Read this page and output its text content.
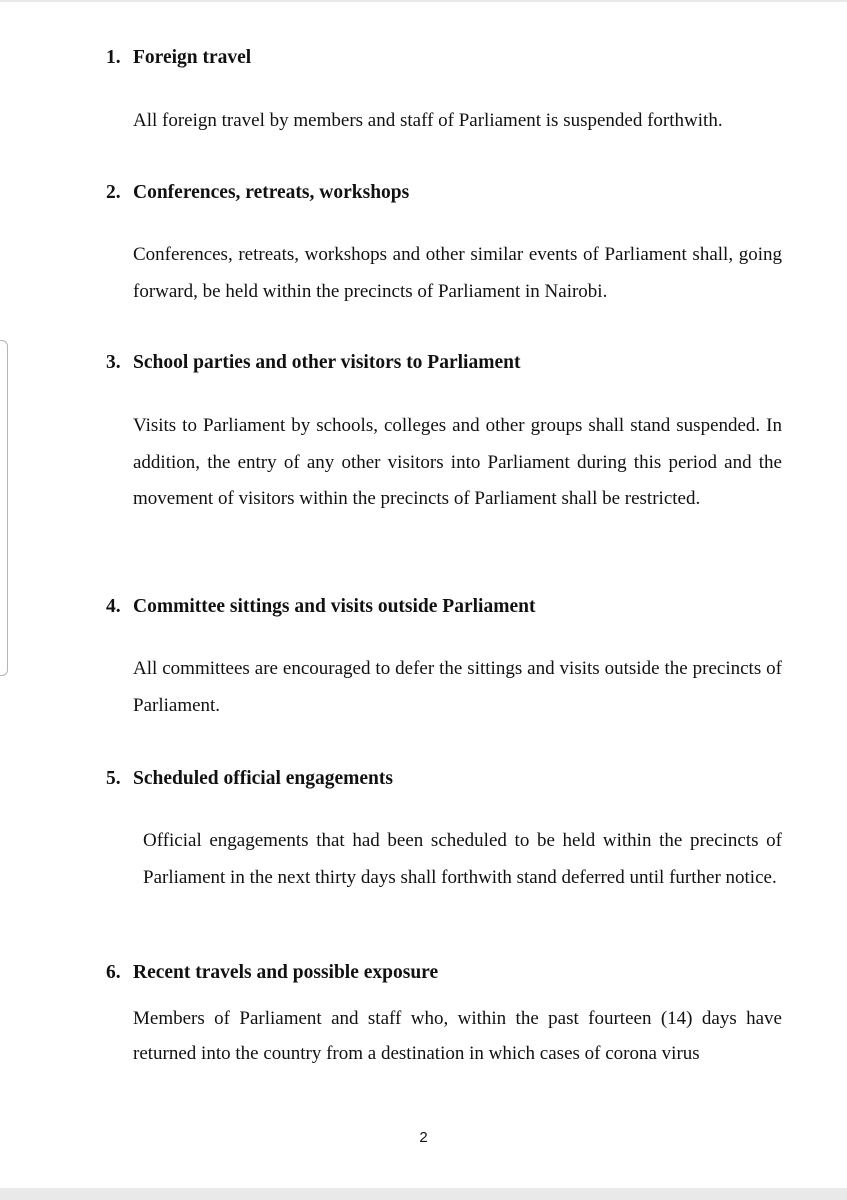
1. Foreign travel
All foreign travel by members and staff of Parliament is suspended forthwith.
2. Conferences, retreats, workshops
Conferences, retreats, workshops and other similar events of Parliament shall, going forward, be held within the precincts of Parliament in Nairobi.
3. School parties and other visitors to Parliament
Visits to Parliament by schools, colleges and other groups shall stand suspended. In addition, the entry of any other visitors into Parliament during this period and the movement of visitors within the precincts of Parliament shall be restricted.
4. Committee sittings and visits outside Parliament
All committees are encouraged to defer the sittings and visits outside the precincts of Parliament.
5. Scheduled official engagements
Official engagements that had been scheduled to be held within the precincts of Parliament in the next thirty days shall forthwith stand deferred until further notice.
6. Recent travels and possible exposure
Members of Parliament and staff who, within the past fourteen (14) days have returned into the country from a destination in which cases of corona virus
2
